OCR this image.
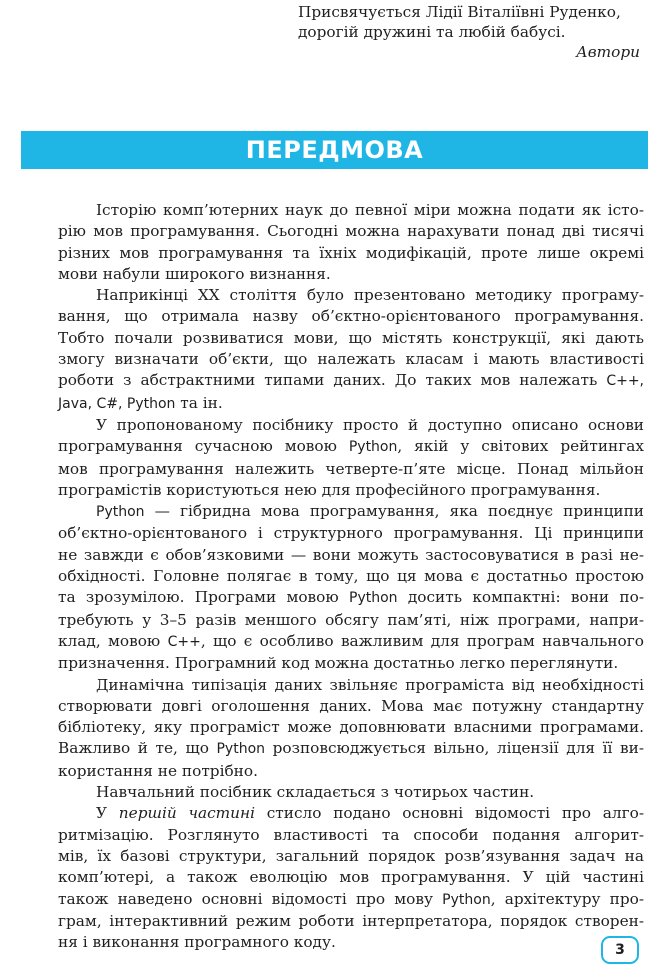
Присвячується Лідії Віталіївні Руденко,
дорогій дружині та любій бабусі.
Автори
ПЕРЕДМОВА

Історію комп’ютерних наук до певної міри можна подати як істо-
рію мов програмування. Сьогодні можна нарахувати понад дві тисячі
різних мов програмування та їхніх модифікацій, проте лише окремі
мови набули широкого визнання.

Наприкінці XX століття було презентовано методику програму-
вання, що отримала назву об’єктно-орієнтованого програмування.
Тобто почали розвиватися мови, що містять конструкції, які дають
змогу визначати об’єкти, що належать класам і мають властивості
роботи з абстрактними типами даних. До таких мов належать C++,
Java, C#, Python та ін.

У пропонованому посібнику просто й доступно описано основи
програмування сучасною мовою Python, якій у світових рейтингах
мов програмування належить четверте-п’яте місце. Понад мільйон
програмістів користуються нею для професійного програмування.

Python — гібридна мова програмування, яка поєднує принципи
об’єктно-орієнтованого і структурного програмування. Ці принципи
не завжди є обов’язковими — вони можуть застосовуватися в разі не-
обхідності. Головне полягає в тому, що ця мова є достатньо простою
та зрозумілою. Програми мовою Python досить компактні: вони по-
требують у 3–5 разів меншого обсягу пам’яті, ніж програми, напри-
клад, мовою C++, що є особливо важливим для програм навчального
призначення. Програмний код можна достатньо легко переглянути.

Динамічна типізація даних звільняє програміста від необхідності
створювати довгі оголошення даних. Мова має потужну стандартну
бібліотеку, яку програміст може доповнювати власними програмами.
Важливо й те, що Python розповсюджується вільно, ліцензії для її ви-
користання не потрібно.

Навчальний посібник складається з чотирьох частин.

У першій частині стисло подано основні відомості про алго-
ритмізацію. Розглянуто властивості та способи подання алгорит-
мів, їх базові структури, загальний порядок розв’язування задач на
комп’ютері, а також еволюцію мов програмування. У цій частині
також наведено основні відомості про мову Python, архітектуру про-
грам, інтерактивний режим роботи інтерпретатора, порядок створен-
ня і виконання програмного коду.	3
